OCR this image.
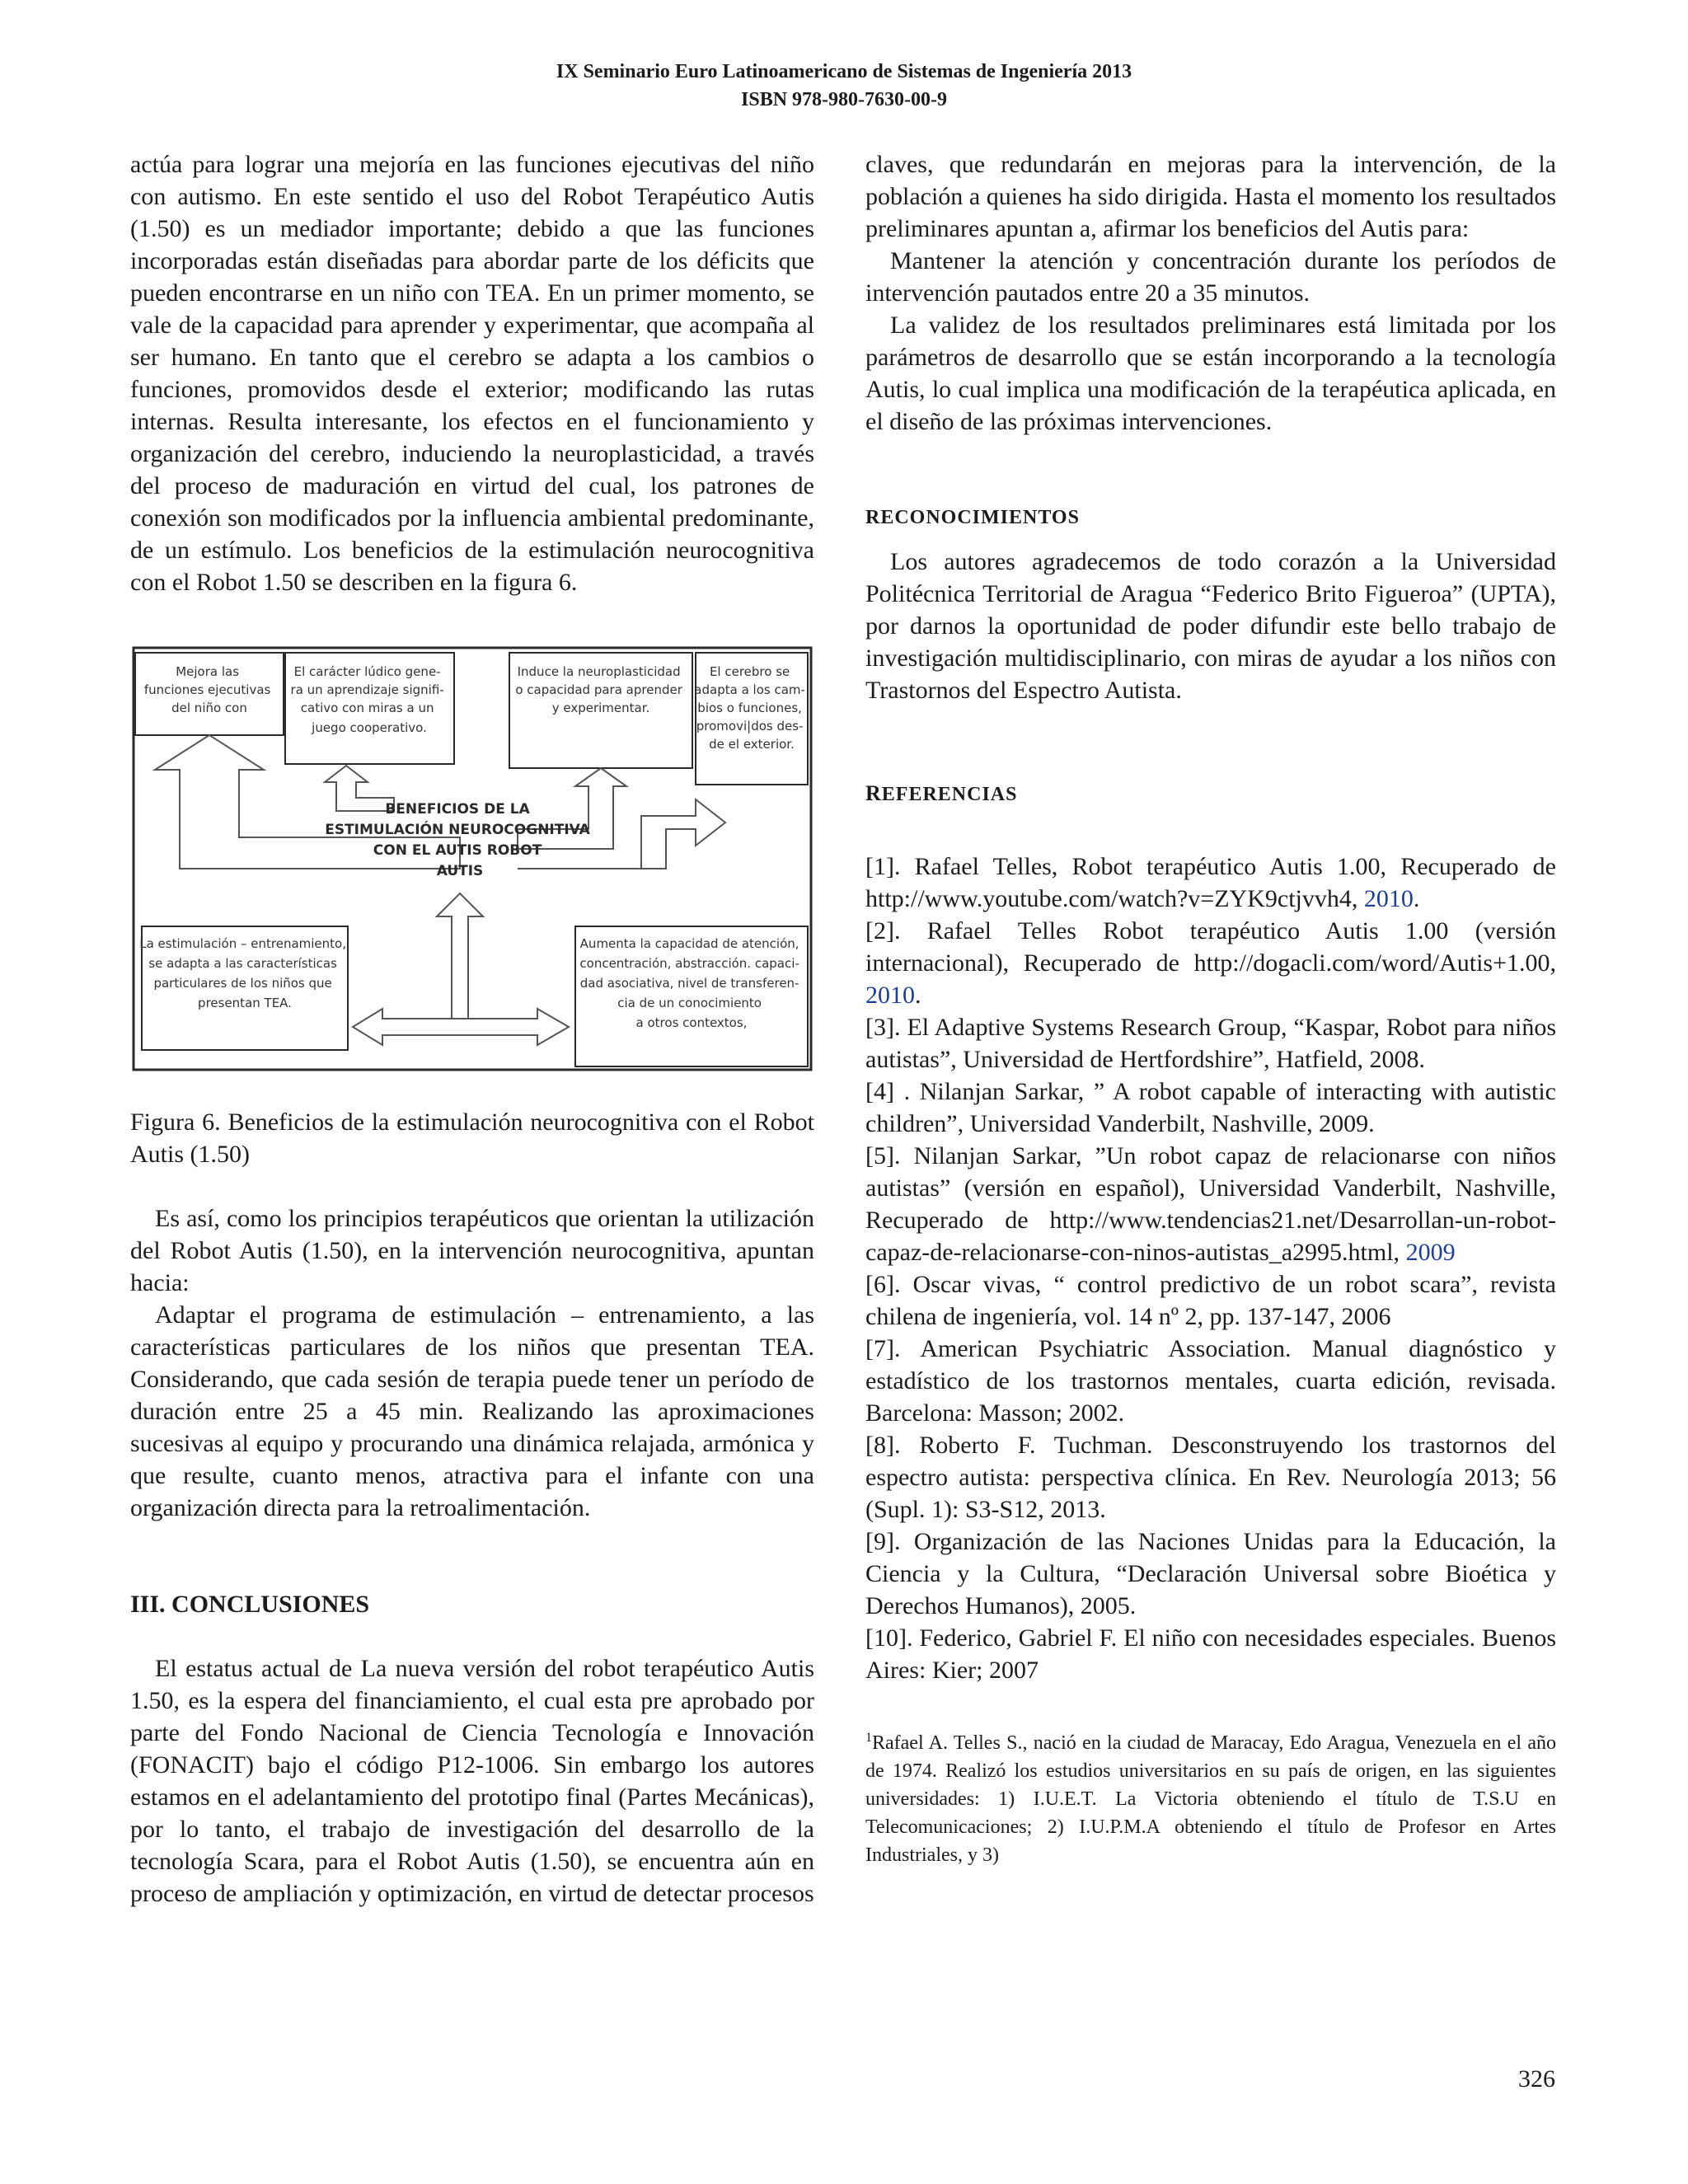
IX Seminario Euro Latinoamericano de Sistemas de Ingeniería 2013
ISBN 978-980-7630-00-9

actúa para lograr una mejoría en las funciones ejecutivas del niño con autismo. En este sentido el uso del Robot Terapéutico Autis (1.50) es un mediador importante; debido a que las funciones incorporadas están diseñadas para abordar parte de los déficits que pueden encontrarse en un niño con TEA. En un primer momento, se vale de la capacidad para aprender y experimentar, que acompaña al ser humano. En tanto que el cerebro se adapta a los cambios o funciones, promovidos desde el exterior; modificando las rutas internas. Resulta interesante, los efectos en el funcionamiento y organización del cerebro, induciendo la neuroplasticidad, a través del proceso de maduración en virtud del cual, los patrones de conexión son modificados por la influencia ambiental predominante, de un estímulo. Los beneficios de la estimulación neurocognitiva con el Robot 1.50 se describen en la figura 6.

Mejora las funciones ejecutivas del niño con
El carácter lúdico gene- ra un aprendizaje signifi- cativo con miras a un juego cooperativo.
Induce la neuroplasticidad o capacidad para aprender y experimentar.
El cerebro se adapta a los cam- bios o funciones, promovi|dos des- de el exterior.
BENEFICIOS DE LA ESTIMULACIÓN NEUROCOGNITIVA CON EL AUTIS ROBOT AUTIS
La estimulación – entrenamiento, se adapta a las características particulares de los niños que presentan TEA.
Aumenta la capacidad de atención, concentración, abstracción. capaci- dad asociativa, nivel de transferen- cia de un conocimiento a otros contextos,

Figura 6. Beneficios de la estimulación neurocognitiva con el Robot Autis (1.50)

Es así, como los principios terapéuticos que orientan la utilización del Robot Autis (1.50), en la intervención neurocognitiva, apuntan hacia:

Adaptar el programa de estimulación – entrenamiento, a las características particulares de los niños que presentan TEA. Considerando, que cada sesión de terapia puede tener un período de duración entre 25 a 45 min. Realizando las aproximaciones sucesivas al equipo y procurando una dinámica relajada, armónica y que resulte, cuanto menos, atractiva para el infante con una organización directa para la retroalimentación.

III. CONCLUSIONES

El estatus actual de La nueva versión del robot terapéutico Autis 1.50, es la espera del financiamiento, el cual esta pre aprobado por parte del Fondo Nacional de Ciencia Tecnología e Innovación (FONACIT) bajo el código P12-1006. Sin embargo los autores estamos en el adelantamiento del prototipo final (Partes Mecánicas), por lo tanto, el trabajo de investigación del desarrollo de la tecnología Scara, para el Robot Autis (1.50), se encuentra aún en proceso de ampliación y optimización, en virtud de detectar procesos

claves, que redundarán en mejoras para la intervención, de la población a quienes ha sido dirigida. Hasta el momento los resultados preliminares apuntan a, afirmar los beneficios del Autis para:

Mantener la atención y concentración durante los períodos de intervención pautados entre 20 a 35 minutos.

La validez de los resultados preliminares está limitada por los parámetros de desarrollo que se están incorporando a la tecnología Autis, lo cual implica una modificación de la terapéutica aplicada, en el diseño de las próximas intervenciones.

RECONOCIMIENTOS

Los autores agradecemos de todo corazón a la Universidad Politécnica Territorial de Aragua “Federico Brito Figueroa” (UPTA), por darnos la oportunidad de poder difundir este bello trabajo de investigación multidisciplinario, con miras de ayudar a los niños con Trastornos del Espectro Autista.

REFERENCIAS

[1]. Rafael Telles, Robot terapéutico Autis 1.00, Recuperado de http://www.youtube.com/watch?v=ZYK9ctjvvh4, 2010.

[2]. Rafael Telles Robot terapéutico Autis 1.00 (versión internacional), Recuperado de http://dogacli.com/word/Autis+1.00, 2010.

[3]. El Adaptive Systems Research Group, “Kaspar, Robot para niños autistas”, Universidad de Hertfordshire”, Hatfield, 2008.

[4] . Nilanjan Sarkar, ” A robot capable of interacting with autistic children”, Universidad Vanderbilt, Nashville, 2009.

[5]. Nilanjan Sarkar, ”Un robot capaz de relacionarse con niños autistas” (versión en español), Universidad Vanderbilt, Nashville, Recuperado de http://www.tendencias21.net/Desarrollan-un-robot-capaz-de-relacionarse-con-ninos-autistas_a2995.html, 2009

[6]. Oscar vivas, “ control predictivo de un robot scara”, revista chilena de ingeniería, vol. 14 nº 2, pp. 137-147, 2006

[7]. American Psychiatric Association. Manual diagnóstico y estadístico de los trastornos mentales, cuarta edición, revisada. Barcelona: Masson; 2002.

[8]. Roberto F. Tuchman. Desconstruyendo los trastornos del espectro autista: perspectiva clínica. En Rev. Neurología 2013; 56 (Supl. 1): S3-S12, 2013.

[9]. Organización de las Naciones Unidas para la Educación, la Ciencia y la Cultura, “Declaración Universal sobre Bioética y Derechos Humanos), 2005.

[10]. Federico, Gabriel F. El niño con necesidades especiales. Buenos Aires: Kier; 2007

$^1$Rafael A. Telles S., nació en la ciudad de Maracay, Edo Aragua, Venezuela en el año de 1974. Realizó los estudios universitarios en su país de origen, en las siguientes universidades: 1) I.U.E.T. La Victoria obteniendo el título de T.S.U en Telecomunicaciones; 2) I.U.P.M.A obteniendo el título de Profesor en Artes Industriales, y 3)

326
